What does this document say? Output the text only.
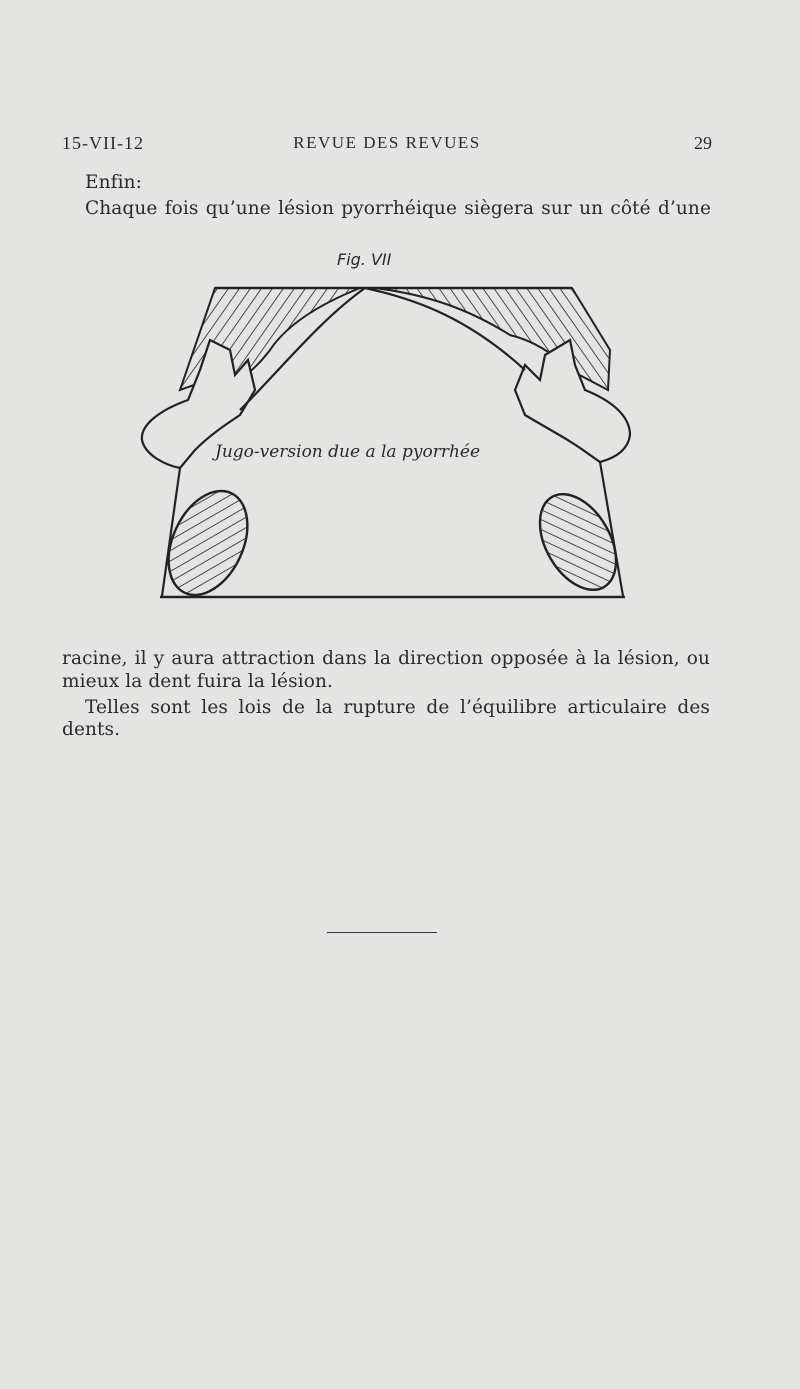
15-VII-12	REVUE DES REVUES	29
Enfin:
Chaque fois qu’une lésion pyorrhéique siègera sur un côté d’une
Fig. VII
Jugo-version due a la pyorrhée
racine, il y aura attraction dans la direction opposée à la lésion, ou
mieux la dent fuira la lésion.
Telles sont les lois de la rupture de l’équilibre articulaire des
dents.
